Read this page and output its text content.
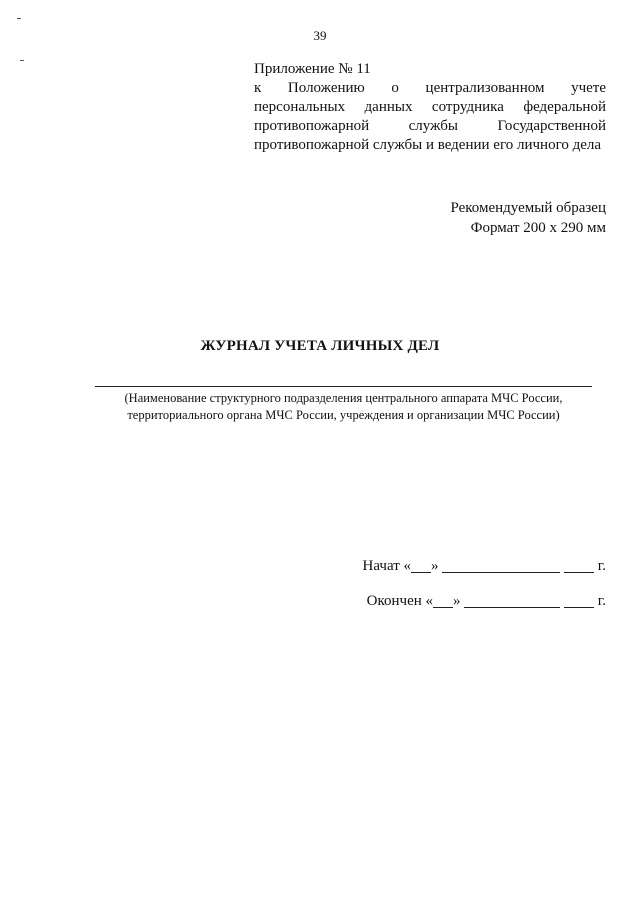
39
Приложение № 11
к Положению о централизованном учете
персональных данных сотрудника федеральной
противопожарной службы Государственной
противопожарной службы и ведении его личного дела
Рекомендуемый образец
Формат 200 x 290 мм
ЖУРНАЛ УЧЕТА ЛИЧНЫХ ДЕЛ
(Наименование структурного подразделения центрального аппарата МЧС России,
территориального органа МЧС России, учреждения и организации МЧС России)
Начат « »	г.
Окончен « »	г.
